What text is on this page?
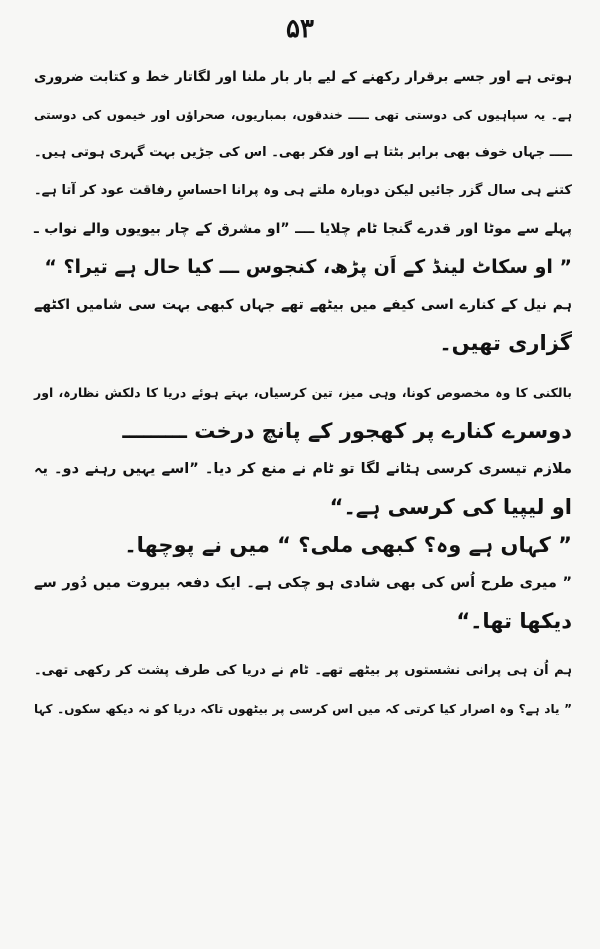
۵۳
ہوتی ہے اور جسے برقرار رکھنے کے لیے بار بار ملنا اور لگاتار خط و کتابت ضروری
ہے۔ یہ سپاہیوں کی دوستی تھی ـــــ خندقوں، بمباریوں، صحراؤں اور خیموں کی دوستی
ـــــ جہاں خوف بھی برابر بٹتا ہے اور فکر بھی۔ اس کی جڑیں بہت گہری ہوتی ہیں۔
کتنے ہی سال گزر جائیں لیکن دوبارہ ملتے ہی وہ پرانا احساسِ رفاقت عود کر آتا ہے۔
پہلے سے موٹا اور قدرے گنجا ٹام چلایا ــــ ”او مشرق کے چار بیویوں والے نواب ـ
” او سکاٹ لینڈ کے اَن پڑھ، کنجوس ـــ کیا حال ہے تیرا؟ “
ہم نیل کے کنارے اسی کیفے میں بیٹھے تھے جہاں کبھی بہت سی شامیں اکٹھے
گزاری تھیں۔
بالکنی کا وہ مخصوص کونا، وہی میز، تین کرسیاں، بہتے ہوئے دریا کا دلکش نظارہ، اور
دوسرے کنارے پر کھجور کے پانچ درخت ـــــــــ
ملازم تیسری کرسی ہٹانے لگا تو ٹام نے منع کر دیا۔ ”اسے یہیں رہنے دو۔ یہ
او لیپیا کی کرسی ہے۔“
” کہاں ہے وہ؟ کبھی ملی؟ “ میں نے پوچھا۔
” میری طرح اُس کی بھی شادی ہو چکی ہے۔ ایک دفعہ بیروت میں دُور سے
دیکھا تھا۔“
ہم اُن ہی پرانی نشستوں پر بیٹھے تھے۔ ٹام نے دریا کی طرف پشت کر رکھی تھی۔
” یاد ہے؟ وہ اصرار کیا کرتی کہ میں اس کرسی پر بیٹھوں تاکہ دریا کو نہ دیکھ سکوں۔ کہا
